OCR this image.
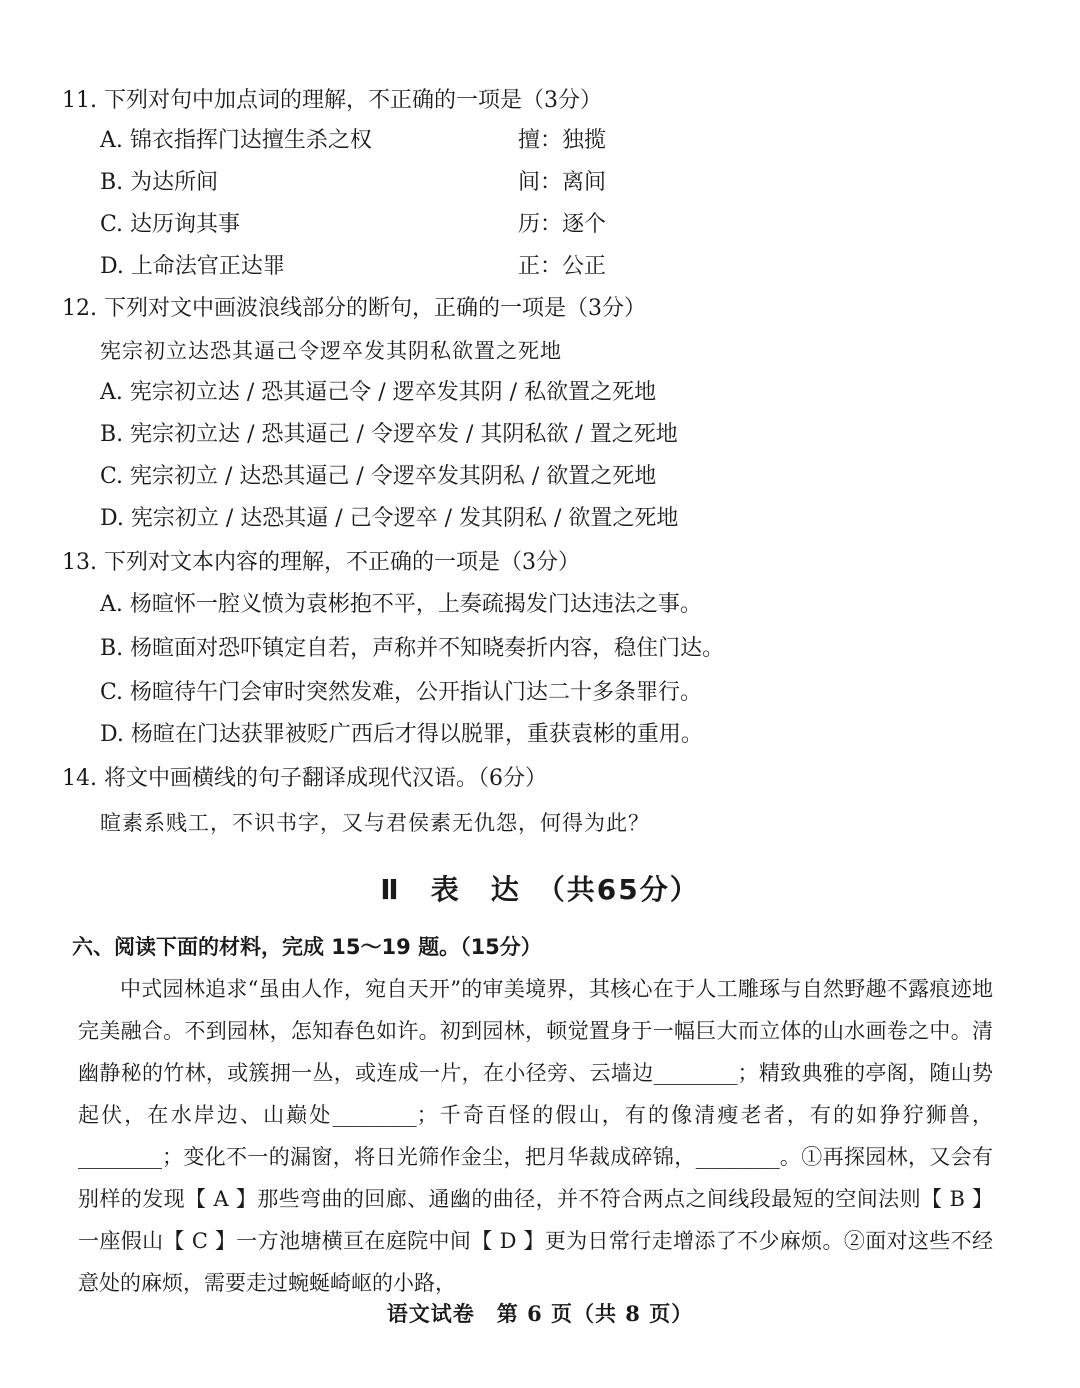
11. 下列对句中加点词的理解，不正确的一项是（3分）
A. 锦衣指挥门达擅生杀之权	擅：独揽
B. 为达所间	间：离间
C. 达历询其事	历：逐个
D. 上命法官正达罪	正：公正
12. 下列对文中画波浪线部分的断句，正确的一项是（3分）
宪宗初立达恐其逼己令逻卒发其阴私欲置之死地
A. 宪宗初立达 / 恐其逼己令 / 逻卒发其阴 / 私欲置之死地
B. 宪宗初立达 / 恐其逼己 / 令逻卒发 / 其阴私欲 / 置之死地
C. 宪宗初立 / 达恐其逼己 / 令逻卒发其阴私 / 欲置之死地
D. 宪宗初立 / 达恐其逼 / 己令逻卒 / 发其阴私 / 欲置之死地
13. 下列对文本内容的理解，不正确的一项是（3分）
A. 杨暄怀一腔义愤为袁彬抱不平，上奏疏揭发门达违法之事。
B. 杨暄面对恐吓镇定自若，声称并不知晓奏折内容，稳住门达。
C. 杨暄待午门会审时突然发难，公开指认门达二十多条罪行。
D. 杨暄在门达获罪被贬广西后才得以脱罪，重获袁彬的重用。
14. 将文中画横线的句子翻译成现代汉语。（6分）
暄素系贱工，不识书字，又与君侯素无仇怨，何得为此？
Ⅱ　表　达　（共65分）
六、阅读下面的材料，完成 15～19 题。（15分）

中式园林追求“虽由人作，宛自天开”的审美境界，其核心在于人工雕琢与自然野趣不露痕迹地完美融合。不到园林，怎知春色如许。初到园林，顿觉置身于一幅巨大而立体的山水画卷之中。清幽静秘的竹林，或簇拥一丛，或连成一片，在小径旁、云墙边________；精致典雅的亭阁，随山势起伏，在水岸边、山巅处________；千奇百怪的假山，有的像清瘦老者，有的如狰狞狮兽，________；变化不一的漏窗，将日光筛作金尘，把月华裁成碎锦，________。①再探园林，又会有别样的发现【 A 】那些弯曲的回廊、通幽的曲径，并不符合两点之间线段最短的空间法则【 B 】一座假山【 C 】一方池塘横亘在庭院中间【 D 】更为日常行走增添了不少麻烦。②面对这些不经意处的麻烦，需要走过蜿蜒崎岖的小路，

语文试卷　第 6 页（共 8 页）
